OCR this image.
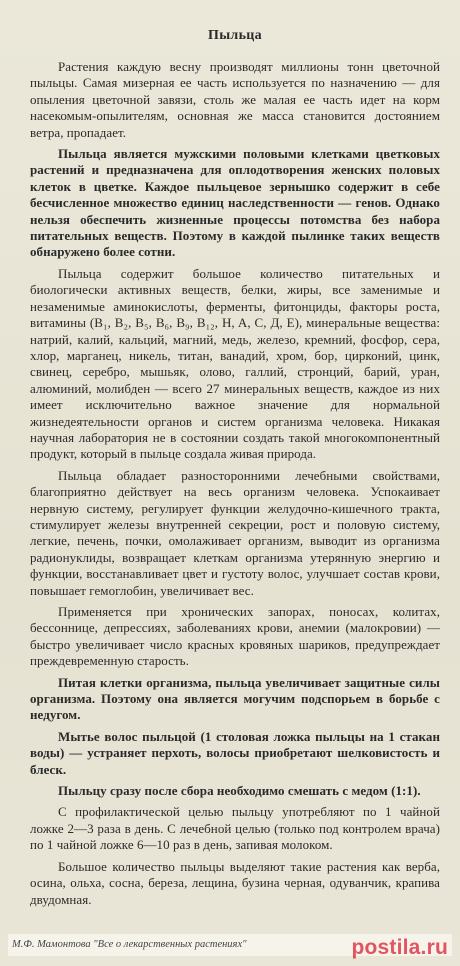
Пыльца

Растения каждую весну производят миллионы тонн цветочной пыльцы. Самая мизерная ее часть используется по назначению — для опыления цветочной завязи, столь же малая ее часть идет на корм насекомым-опылителям, основная же масса становится достоянием ветра, пропадает.

Пыльца является мужскими половыми клетками цветковых растений и предназначена для оплодотворения женских половых клеток в цветке. Каждое пыльцевое зернышко содержит в себе бесчисленное множество единиц наследственности — генов. Однако нельзя обеспечить жизненные процессы потомства без набора питательных веществ. Поэтому в каждой пылинке таких веществ обнаружено более сотни.

Пыльца содержит большое количество питательных и биологически активных веществ, белки, жиры, все заменимые и незаменимые аминокислоты, ферменты, фитонциды, факторы роста, витамины (B₁, B₂, B₅, B₆, B₉, B₁₂, H, A, C, Д, E), минеральные вещества: натрий, калий, кальций, магний, медь, железо, кремний, фосфор, сера, хлор, марганец, никель, титан, ванадий, хром, бор, цирконий, цинк, свинец, серебро, мышьяк, олово, галлий, стронций, барий, уран, алюминий, молибден — всего 27 минеральных веществ, каждое из них имеет исключительно важное значение для нормальной жизнедеятельности органов и систем организма человека. Никакая научная лаборатория не в состоянии создать такой многокомпонентный продукт, который в пыльце создала живая природа.

Пыльца обладает разносторонними лечебными свойствами, благоприятно действует на весь организм человека. Успокаивает нервную систему, регулирует функции желудочно-кишечного тракта, стимулирует железы внутренней секреции, рост и половую систему, легкие, печень, почки, омолаживает организм, выводит из организма радионуклиды, возвращает клеткам организма утерянную энергию и функции, восстанавливает цвет и густоту волос, улучшает состав крови, повышает гемоглобин, увеличивает вес.

Применяется при хронических запорах, поносах, колитах, бессоннице, депрессиях, заболеваниях крови, анемии (малокровии) — быстро увеличивает число красных кровяных шариков, предупреждает преждевременную старость.

Питая клетки организма, пыльца увеличивает защитные силы организма. Поэтому она является могучим подспорьем в борьбе с недугом.

Мытье волос пыльцой (1 столовая ложка пыльцы на 1 стакан воды) — устраняет перхоть, волосы приобретают шелковистость и блеск.

Пыльцу сразу после сбора необходимо смешать с медом (1:1).

С профилактической целью пыльцу употребляют по 1 чайной ложке 2—3 раза в день. С лечебной целью (только под контролем врача) по 1 чайной ложке 6—10 раз в день, запивая молоком.

Большое количество пыльцы выделяют такие растения как верба, осина, ольха, сосна, береза, лещина, бузина черная, одуванчик, крапива двудомная.

М.Ф. Мамонтова "Все о лекарственных растениях"	postila.ru
